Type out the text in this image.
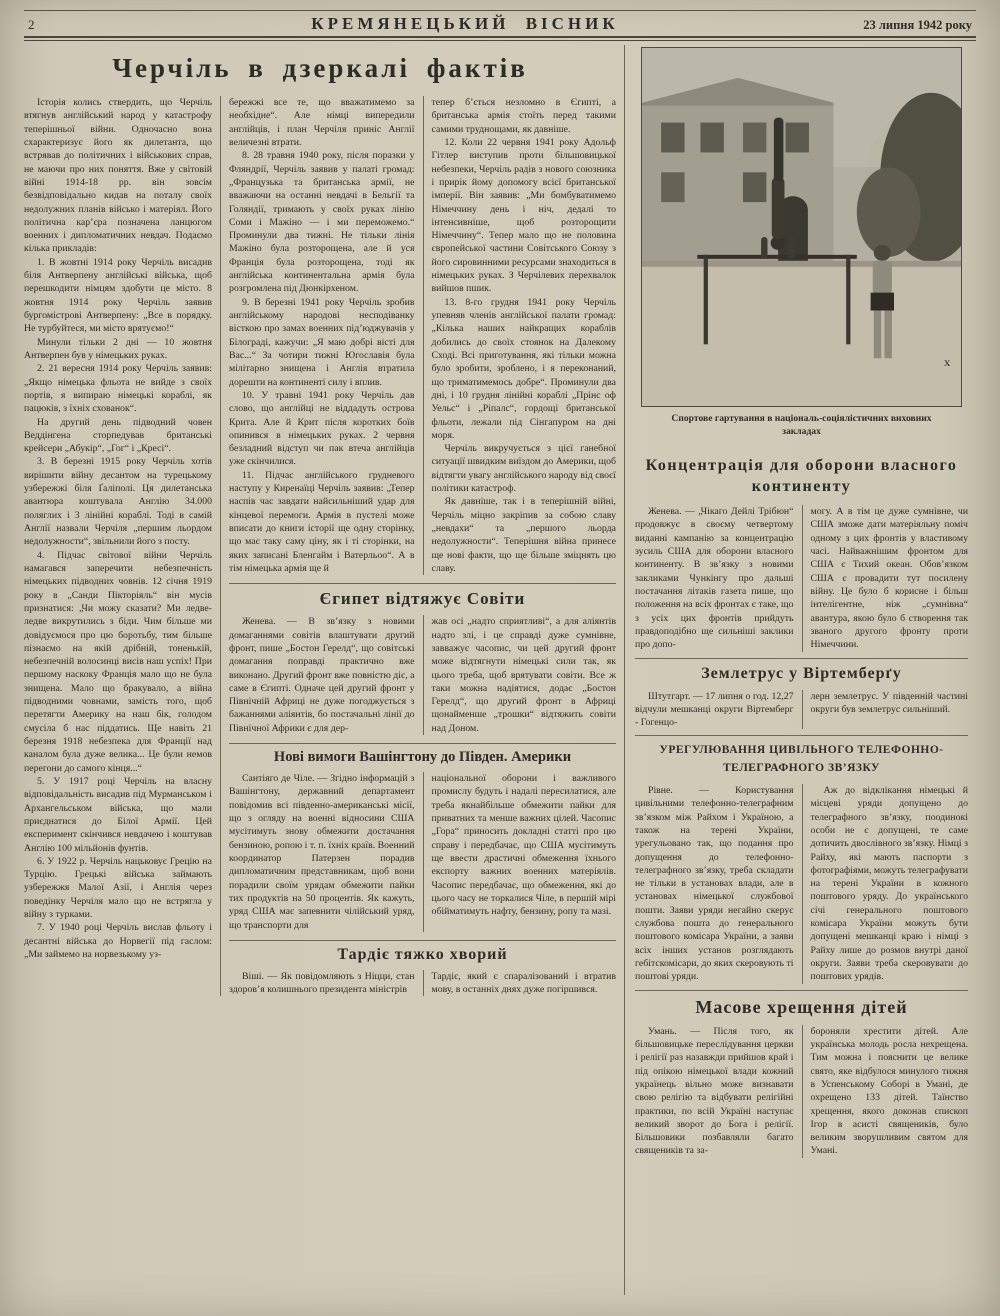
2	КРЕМЯНЕЦЬКИЙ ВІСНИК	23 липня 1942 року
Черчіль в дзеркалі фактів

Історія колись ствердить, що Черчіль втягнув англійський народ у катастрофу теперішньої війни. Одночасно вона схарактеризує його як дилетанта, що встрявав до політичних і військових справ, не маючи про них поняття. Вже у світовій війні 1914-18 рр. він зовсім безвідповідально кидав на поталу своїх недолужних планів військо і матеріял. Його політична кар’єра позначена ланцюгом военних і дипломатичних невдач. Подаємо кілька прикладів:

1. В жовтні 1914 року Черчіль висадив біля Антверпену англійські війська, щоб перешкодити німцям здобути це місто. 8 жовтня 1914 року Черчіль заявив бургомістрові Антверпену: „Все в порядку. Не турбуйтеся, ми місто врятуємо!“

Минули тільки 2 дні — 10 жовтня Антверпен був у німецьких руках.

2. 21 вересня 1914 року Черчіль заявив: „Якщо німецька фльота не вийде з своїх портів, я випираю німецькі кораблі, як пацюків, з їхніх схованок“.

На другий день підводний човен Веддінгена сторпедував британські крейсери „Абукір“, „Гог“ і „Кресі“.

3. В березні 1915 року Черчіль хотів вирішити війну десантом на турецькому узбережжі біля Ґаліполі. Ця дилетанська авантюра коштувала Англію 34.000 поляглих і 3 лінійні кораблі. Тоді в самій Англії назвали Черчіля „першим льордом недолужности“, звільнили його з посту.

4. Підчас світової війни Черчіль намагався заперечити небезпечність німецьких підводних човнів. 12 січня 1919 року в „Санди Пікторіяль“ він мусів признатися: „Чи можу сказати? Ми ледве-ледве викрутились з біди. Чим більше ми довідуємося про цю боротьбу, тим більше пізнаємо на якій дрібній, тоненькій, небезпечній волосинці висів наш успіх! При першому наскоку Франція мало що не була знищена. Мало що бракувало, а війна підводними човнами, замість того, щоб перетягти Америку на наш бік, голодом смусіла б нас піддатись. Ще навіть 21 березня 1918 небезпека для Франції над каналом була дуже велика... Це були немов перегони до самого кінця...“

5. У 1917 році Черчіль на власну відповідальність висадив під Мурманськом і Архангельськом війська, що мали приєднатися до Білої Армії. Цей експеримент скінчився невдачею і коштував Англію 100 мільйонів фунтів.

6. У 1922 р. Черчіль нацьковує Грецію на Турцію. Грецькі війська займають узбережжя Малої Азії, і Англія через поведінку Черчіля мало що не встрягла у війну з турками.

7. У 1940 році Черчіль вислав фльоту і десантні війська до Норвегії під гаслом: „Ми займемо на норвезькому уз-

бережжі все те, що вважатимемо за необхідне“. Але німці випередили англійців, і план Черчіля приніс Англії величезні втрати.

8. 28 травня 1940 року, після поразки у Фляндрії, Черчіль заявив у палаті громад: „Французька та британська армії, не вважаючи на останні невдачі в Бельгії та Голяндії, тримають у своїх руках лінію Соми і Мажіно — і ми переможемо.“ Проминули два тижні. Не тільки лінія Мажіно була розторощена, але й уся Франція була розторощена, тоді як англійська континентальна армія була розгромлена під Дюнкірхеном.

9. В березні 1941 року Черчіль зробив англійському народові несподіванку вісткою про замах военних під’юджувачів у Білограді, кажучи: „Я маю добрі вісті для Вас...“ За чотири тижні Югославія була мілітарно знищена і Англія втратила дорешти на континенті силу і вплив.

10. У травні 1941 року Черчіль дав слово, що англійці не віддадуть острова Крита. Але й Крит після коротких боїв опинився в німецьких руках. 2 червня безладний відступ чи пак втеча англійців уже скінчилися.

11. Підчас англійського грудневого наступу у Киренаїці Черчіль заявив: „Тепер наспів час завдати найсильніший удар для кінцевої перемоги. Армія в пустелі може вписати до книги історії ще одну сторінку, що має таку саму ціну, як і ті сторінки, на яких записані Бленгайм і Ватерльоо“. А в тім німецька армія ще й

тепер б’ється незломно в Єгипті, а британська армія стоїть перед такими самими труднощами, як давніше.

12. Коли 22 червня 1941 року Адольф Гітлер виступив проти більшовицької небезпеки, Черчіль радів з нового союзника і прирік йому допомогу всієї британської імперії. Він заявив: „Ми бомбуватимемо Німеччину день і ніч, дедалі то інтенсивніше, щоб розторощити Німеччину“. Тепер мало що не половина європейської частини Совітського Союзу з його сировинними ресурсами знаходиться в німецьких руках. З Черчілевих перехвалок вийшов пшик.

13. 8-го грудня 1941 року Черчіль упевняв членів англійської палати громад: „Кілька наших найкращих кораблів добились до своїх стоянок на Далекому Сході. Всі приготування, які тільки можна було зробити, зроблено, і я переконаний, що триматимемось добре“. Проминули два дні, і 10 грудня лінійні кораблі „Прінс оф Уельс“ і „Ріпалс“, гордощі британської фльоти, лежали під Сінгапуром на дні моря.

Черчіль викручується з цієї ганебної ситуації швидким виїздом до Америки, щоб відтягти увагу англійського народу від своєї політики катастроф.

Як давніше, так і в теперішній війні, Черчіль міцно закріпив за собою славу „невдахи“ та „першого льорда недолужности“. Теперішня війна принесе ще нові факти, що ще більше зміцнять цю славу.

Єгипет відтяжує Совіти

Женева. — В зв’язку з новими домаганнями совітів влаштувати другий фронт, пише „Бостон Герелд“, що совітські домагання поправді практично вже виконано. Другий фронт вже повністю діє, а саме в Єгипті. Одначе цей другий фронт у Північній Африці не дуже погоджується з бажаннями аліянтів, бо постачальні лінії до Північної Африки є для дер-

жав осі „надто сприятливі“, а для аліянтів надто злі, і це справді дуже сумнівне, завважує часопис, чи цей другий фронт може відтягнути німецькі сили так, як цього треба, щоб врятувати совіти. Все ж таки можна надіятися, додає „Бостон Герелд“, що другий фронт в Африці щонайменше „трошки“ відтяжить совіти над Доном.

Нові вимоги Вашінгтону до Півден. Америки

Сантіяго де Чіле. — Згідно інформацій з Вашінгтону, державний департамент повідомив всі південно-американські місії, що з огляду на военні відносини США мусітимуть знову обмежити достачання бензиною, ропою і т. п. їхніх країв. Военний координатор Патерзен порадив дипломатичним представникам, щоб вони порадили своїм урядам обмежити пайки тих продуктів на 50 процентів. Як кажуть, уряд США має запевнити чілійський уряд, що транспорти для

національної оборони і важливого промислу будуть і надалі пересилатися, але треба якнайбільше обмежити пайки для приватних та менше важних цілей. Часопис „Гора“ приносить докладні статті про цю справу і передбачає, що США мусітимуть ще ввести драстичні обмеження їхнього експорту важних военних матеріялів. Часопис передбачає, що обмеження, які до цього часу не торкалися Чіле, в першій мірі обійматимуть нафту, бензину, ропу та мазі.

Тардіє тяжко хворий

Віші. — Як повідомляють з Ніцци, стан здоров’я колишнього президента міністрів

Тардіє, який є спаралізований і втратив мову, в останніх днях дуже погіршився.

x
Спортове гартування в національ-соціялістичних виховних закладах
Концентрація для оборони власного континенту

Женева. — „Чікаго Дейлі Трібюн“ продовжує в своєму четвертому виданні кампанію за концентрацію зусиль США для оборони власного континенту. В зв’язку з новими закликами Чункінгу про дальші постачання літаків газета пише, що положення на всіх фронтах є таке, що з усіх цих фронтів прийдуть правдоподібно ще сильніші заклики про допо-

могу. А в тім це дуже сумнівне, чи США зможе дати матеріяльну поміч одному з цих фронтів у властивому часі. Найважнішим фронтом для США є Тихий океан. Обов’язком США є провадити тут посилену війну. Це було б корисне і більш інтелігентне, ніж „сумнівна“ авантура, якою було б створення так званого другого фронту проти Німеччини.

Землетрус у Віртемберґу

Штутгарт. — 17 липня о год. 12,27 відчули мешканці округи Віртемберг - Гогенцо-

лерн землетрус. У південній частині округи був землетрус сильніший.

УРЕГУЛЮВАННЯ ЦИВІЛЬНОГО ТЕЛЕФОННО-ТЕЛЕГРАФНОГО ЗВ’ЯЗКУ

Рівне. — Користування цивільними телефонно-телеграфним зв’язком між Райхом і Україною, а також на терені України, урегульовано так, що подання про допущення до телефонно-телеграфного зв’язку, треба складати не тільки в установах влади, але в установах німецької службової пошти. Заяви уряди негайно скерує службова пошта до генерального поштового комісара України, а заяви всіх інших установ розглядають гебітскомісари, до яких скеровують ті поштові уряди.

Аж до відклікання німецькі й місцеві уряди допущено до телеграфного зв’язку, поодинокі особи не є допущені, те саме дотичить двослівного зв’язку. Німці з Райху, які мають паспорти з фотографіями, можуть телеграфувати на терені України в кожного поштового уряду. До українського січі генерального поштового комісара України можуть бути допущені мешканці краю і німці з Райху лише до розмов внутрі даної округи. Заяви треба скеровувати до поштових урядів.

Масове хрещення дітей

Умань. — Після того, як більшовицьке переслідування церкви і релігії раз назавжди прийшов край і під опікою німецької влади кожний українець вільно може визнавати свою релігію та відбувати релігійні практики, по всій Україні наступає великий зворот до Бога і релігії. Більшовики позбавляли багато священиків та за-

бороняли хрестити дітей. Але українська молодь росла нехрещена. Тим можна і пояснити це велике свято, яке відбулося минулого тижня в Успенському Соборі в Умані, де охрещено 133 дітей. Таїнство хрещення, якого доконав єпископ Ігор в асисті священиків, було великим зворушливим святом для Умані.
